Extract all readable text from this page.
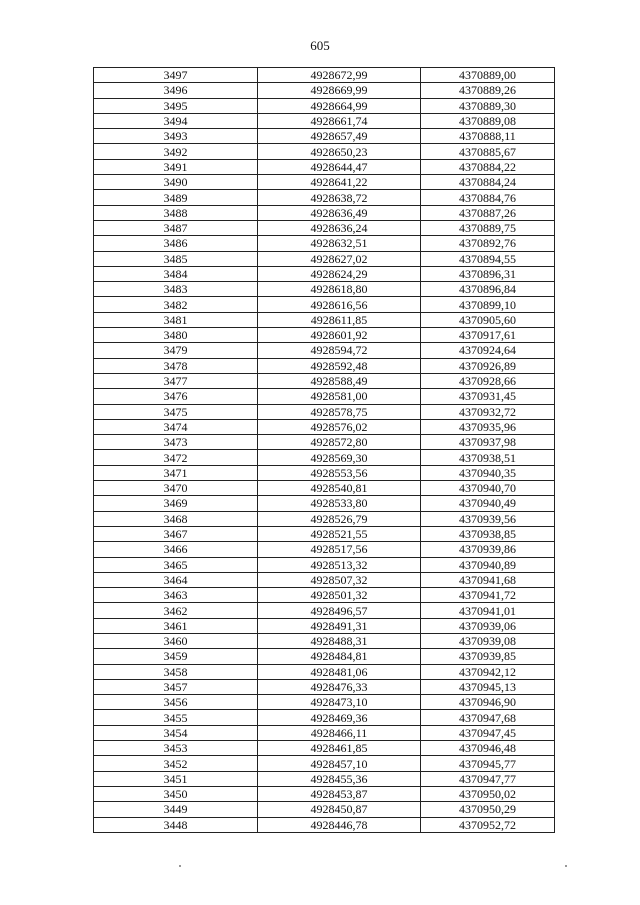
605
3497	4928672,99	4370889,00
3496	4928669,99	4370889,26
3495	4928664,99	4370889,30
3494	4928661,74	4370889,08
3493	4928657,49	4370888,11
3492	4928650,23	4370885,67
3491	4928644,47	4370884,22
3490	4928641,22	4370884,24
3489	4928638,72	4370884,76
3488	4928636,49	4370887,26
3487	4928636,24	4370889,75
3486	4928632,51	4370892,76
3485	4928627,02	4370894,55
3484	4928624,29	4370896,31
3483	4928618,80	4370896,84
3482	4928616,56	4370899,10
3481	4928611,85	4370905,60
3480	4928601,92	4370917,61
3479	4928594,72	4370924,64
3478	4928592,48	4370926,89
3477	4928588,49	4370928,66
3476	4928581,00	4370931,45
3475	4928578,75	4370932,72
3474	4928576,02	4370935,96
3473	4928572,80	4370937,98
3472	4928569,30	4370938,51
3471	4928553,56	4370940,35
3470	4928540,81	4370940,70
3469	4928533,80	4370940,49
3468	4928526,79	4370939,56
3467	4928521,55	4370938,85
3466	4928517,56	4370939,86
3465	4928513,32	4370940,89
3464	4928507,32	4370941,68
3463	4928501,32	4370941,72
3462	4928496,57	4370941,01
3461	4928491,31	4370939,06
3460	4928488,31	4370939,08
3459	4928484,81	4370939,85
3458	4928481,06	4370942,12
3457	4928476,33	4370945,13
3456	4928473,10	4370946,90
3455	4928469,36	4370947,68
3454	4928466,11	4370947,45
3453	4928461,85	4370946,48
3452	4928457,10	4370945,77
3451	4928455,36	4370947,77
3450	4928453,87	4370950,02
3449	4928450,87	4370950,29
3448	4928446,78	4370952,72
